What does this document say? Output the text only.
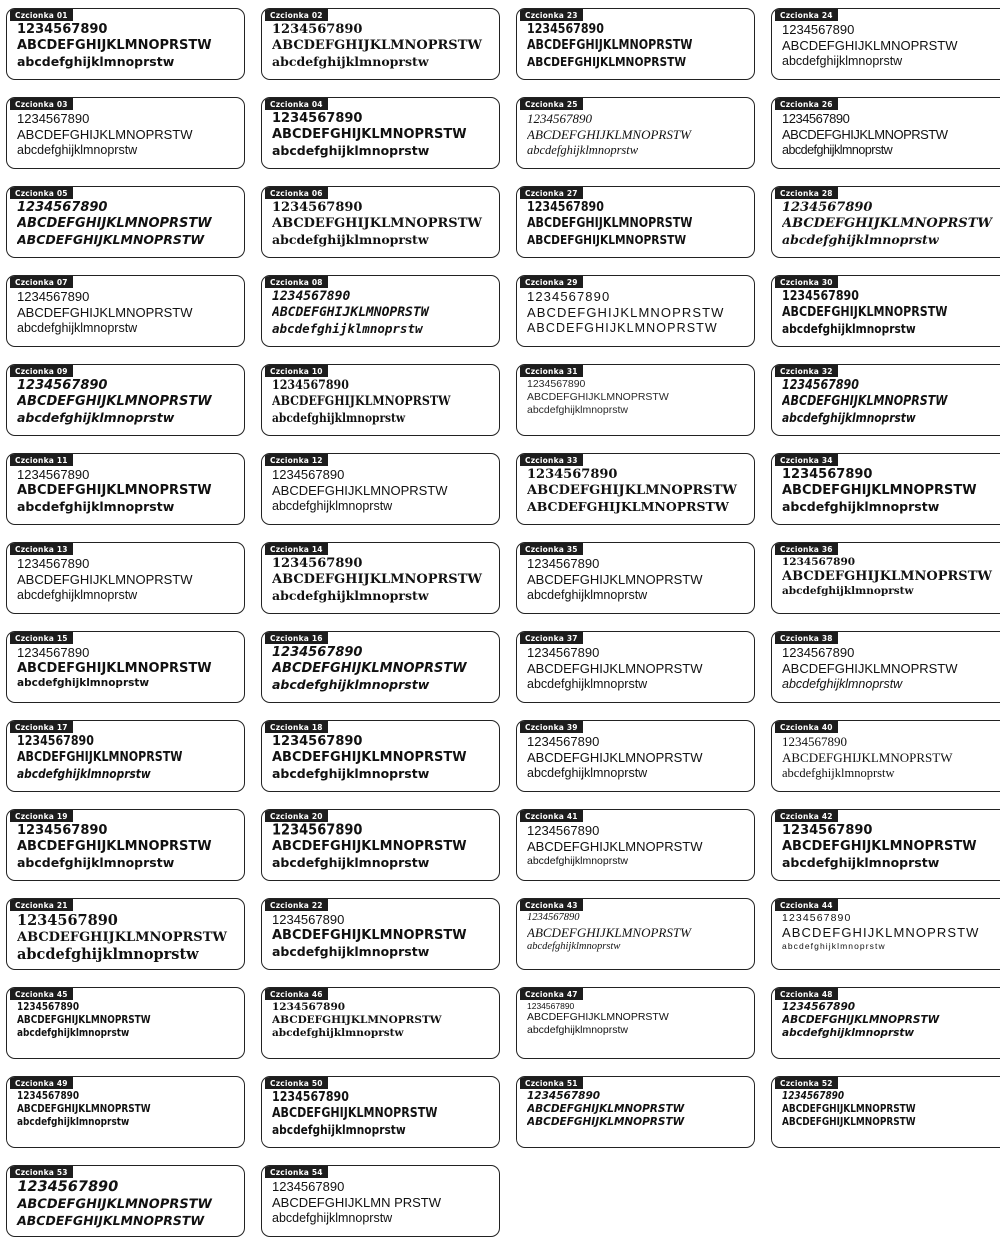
Czcionka 01
1234567890
ABCDEFGHIJKLMNOPRSTW
abcdefghijklmnoprstw
Czcionka 02
1234567890
ABCDEFGHIJKLMNOPRSTW
abcdefghijklmnoprstw
Czcionka 23
1234567890
ABCDEFGHIJKLMNOPRSTW
ABCDEFGHIJKLMNOPRSTW
Czcionka 24
1234567890
ABCDEFGHIJKLMNOPRSTW
abcdefghijklmnoprstw
Czcionka 03
1234567890
ABCDEFGHIJKLMNOPRSTW
abcdefghijklmnoprstw
Czcionka 04
1234567890
ABCDEFGHIJKLMNOPRSTW
abcdefghijklmnoprstw
Czcionka 25
1234567890
ABCDEFGHIJKLMNOPRSTW
abcdefghijklmnoprstw
Czcionka 26
1234567890
ABCDEFGHIJKLMNOPRSTW
abcdefghijklmnoprstw
Czcionka 05
1234567890
ABCDEFGHIJKLMNOPRSTW
ABCDEFGHIJKLMNOPRSTW
Czcionka 06
1234567890
ABCDEFGHIJKLMNOPRSTW
abcdefghijklmnoprstw
Czcionka 27
1234567890
ABCDEFGHIJKLMNOPRSTW
ABCDEFGHIJKLMNOPRSTW
Czcionka 28
1234567890
ABCDEFGHIJKLMNOPRSTW
abcdefghijklmnoprstw
Czcionka 07
1234567890
ABCDEFGHIJKLMNOPRSTW
abcdefghijklmnoprstw
Czcionka 08
1234567890
ABCDEFGHIJKLMNOPRSTW
abcdefghijklmnoprstw
Czcionka 29
1234567890
ABCDEFGHIJKLMNOPRSTW
ABCDEFGHIJKLMNOPRSTW
Czcionka 30
1234567890
ABCDEFGHIJKLMNOPRSTW
abcdefghijklmnoprstw
Czcionka 09
1234567890
ABCDEFGHIJKLMNOPRSTW
abcdefghijklmnoprstw
Czcionka 10
1234567890
ABCDEFGHIJKLMNOPRSTW
abcdefghijklmnoprstw
Czcionka 31
1234567890
ABCDEFGHIJKLMNOPRSTW
abcdefghijklmnoprstw
Czcionka 32
1234567890
ABCDEFGHIJKLMNOPRSTW
abcdefghijklmnoprstw
Czcionka 11
1234567890
ABCDEFGHIJKLMNOPRSTW
abcdefghijklmnoprstw
Czcionka 12
1234567890
ABCDEFGHIJKLMNOPRSTW
abcdefghijklmnoprstw
Czcionka 33
1234567890
ABCDEFGHIJKLMNOPRSTW
ABCDEFGHIJKLMNOPRSTW
Czcionka 34
1234567890
ABCDEFGHIJKLMNOPRSTW
abcdefghijklmnoprstw
Czcionka 13
1234567890
ABCDEFGHIJKLMNOPRSTW
abcdefghijklmnoprstw
Czcionka 14
1234567890
ABCDEFGHIJKLMNOPRSTW
abcdefghijklmnoprstw
Czcionka 35
1234567890
ABCDEFGHIJKLMNOPRSTW
abcdefghijklmnoprstw
Czcionka 36
1234567890
ABCDEFGHIJKLMNOPRSTW
abcdefghijklmnoprstw
Czcionka 15
1234567890
ABCDEFGHIJKLMNOPRSTW
abcdefghijklmnoprstw
Czcionka 16
1234567890
ABCDEFGHIJKLMNOPRSTW
abcdefghijklmnoprstw
Czcionka 37
1234567890
ABCDEFGHIJKLMNOPRSTW
abcdefghijklmnoprstw
Czcionka 38
1234567890
ABCDEFGHIJKLMNOPRSTW
abcdefghijklmnoprstw
Czcionka 17
1234567890
ABCDEFGHIJKLMNOPRSTW
abcdefghijklmnoprstw
Czcionka 18
1234567890
ABCDEFGHIJKLMNOPRSTW
abcdefghijklmnoprstw
Czcionka 39
1234567890
ABCDEFGHIJKLMNOPRSTW
abcdefghijklmnoprstw
Czcionka 40
1234567890
ABCDEFGHIJKLMNOPRSTW
abcdefghijklmnoprstw
Czcionka 19
1234567890
ABCDEFGHIJKLMNOPRSTW
abcdefghijklmnoprstw
Czcionka 20
1234567890
ABCDEFGHIJKLMNOPRSTW
abcdefghijklmnoprstw
Czcionka 41
1234567890
ABCDEFGHIJKLMNOPRSTW
abcdefghijklmnoprstw
Czcionka 42
1234567890
ABCDEFGHIJKLMNOPRSTW
abcdefghijklmnoprstw
Czcionka 21
1234567890
ABCDEFGHIJKLMNOPRSTW
abcdefghijklmnoprstw
Czcionka 22
1234567890
ABCDEFGHIJKLMNOPRSTW
abcdefghijklmnoprstw
Czcionka 43
1234567890
ABCDEFGHIJKLMNOPRSTW
abcdefghijklmnoprstw
Czcionka 44
1234567890
ABCDEFGHIJKLMNOPRSTW
abcdefghijklmnoprstw
Czcionka 45
1234567890
ABCDEFGHIJKLMNOPRSTW
abcdefghijklmnoprstw
Czcionka 46
1234567890
ABCDEFGHIJKLMNOPRSTW
abcdefghijklmnoprstw
Czcionka 47
1234567890
ABCDEFGHIJKLMNOPRSTW
abcdefghijklmnoprstw
Czcionka 48
1234567890
ABCDEFGHIJKLMNOPRSTW
abcdefghijklmnoprstw
Czcionka 49
1234567890
ABCDEFGHIJKLMNOPRSTW
abcdefghijklmnoprstw
Czcionka 50
1234567890
ABCDEFGHIJKLMNOPRSTW
abcdefghijklmnoprstw
Czcionka 51
1234567890
ABCDEFGHIJKLMNOPRSTW
ABCDEFGHIJKLMNOPRSTW
Czcionka 52
1234567890
ABCDEFGHIJKLMNOPRSTW
ABCDEFGHIJKLMNOPRSTW
Czcionka 53
1234567890
ABCDEFGHIJKLMNOPRSTW
ABCDEFGHIJKLMNOPRSTW
Czcionka 54
1234567890
ABCDEFGHIJKLMN PRSTW
abcdefghijklmnoprstw
